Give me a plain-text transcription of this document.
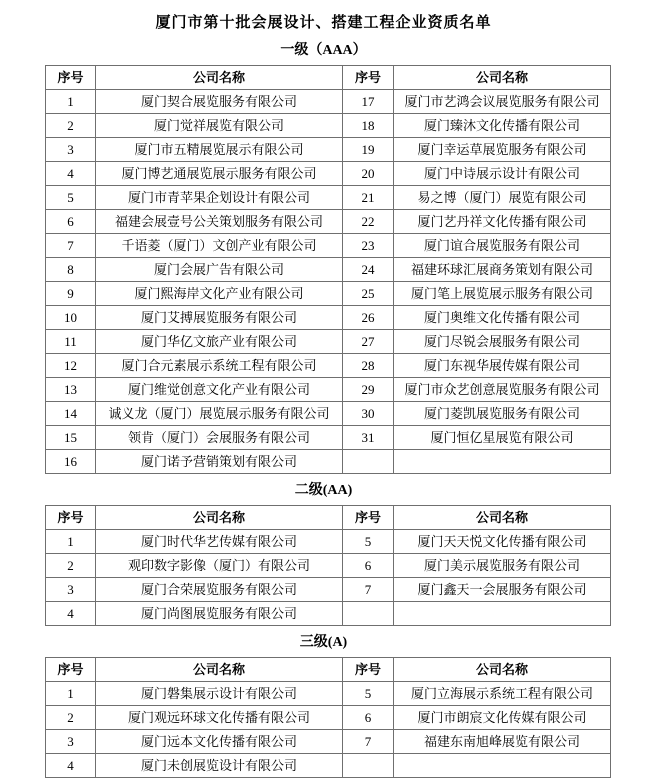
厦门市第十批会展设计、搭建工程企业资质名单
一级（AAA）
序号	公司名称	序号	公司名称
1	厦门契合展览服务有限公司	17	厦门市艺鸿会议展览服务有限公司
2	厦门觉祥展览有限公司	18	厦门臻沐文化传播有限公司
3	厦门市五精展览展示有限公司	19	厦门幸运草展览服务有限公司
4	厦门博艺通展览展示服务有限公司	20	厦门中诗展示设计有限公司
5	厦门市青苹果企划设计有限公司	21	易之博（厦门）展览有限公司
6	福建会展壹号公关策划服务有限公司	22	厦门艺丹祥文化传播有限公司
7	千语菱（厦门）文创产业有限公司	23	厦门谊合展览服务有限公司
8	厦门会展广告有限公司	24	福建环球汇展商务策划有限公司
9	厦门熙海岸文化产业有限公司	25	厦门笔上展览展示服务有限公司
10	厦门艾搏展览服务有限公司	26	厦门奥维文化传播有限公司
11	厦门华亿文旅产业有限公司	27	厦门尽锐会展服务有限公司
12	厦门合元素展示系统工程有限公司	28	厦门东视华展传媒有限公司
13	厦门维觉创意文化产业有限公司	29	厦门市众艺创意展览服务有限公司
14	诚义龙（厦门）展览展示服务有限公司	30	厦门菱凯展览服务有限公司
15	领肯（厦门）会展服务有限公司	31	厦门恒亿星展览有限公司
16	厦门诺予营销策划有限公司		
二级(AA)
序号	公司名称	序号	公司名称
1	厦门时代华艺传媒有限公司	5	厦门天天悦文化传播有限公司
2	观印数字影像（厦门）有限公司	6	厦门美示展览服务有限公司
3	厦门合荣展览服务有限公司	7	厦门鑫天一会展服务有限公司
4	厦门尚图展览服务有限公司		
三级(A)
序号	公司名称	序号	公司名称
1	厦门磐集展示设计有限公司	5	厦门立海展示系统工程有限公司
2	厦门观远环球文化传播有限公司	6	厦门市朗宸文化传媒有限公司
3	厦门远本文化传播有限公司	7	福建东南旭峰展览有限公司
4	厦门未创展览设计有限公司		
